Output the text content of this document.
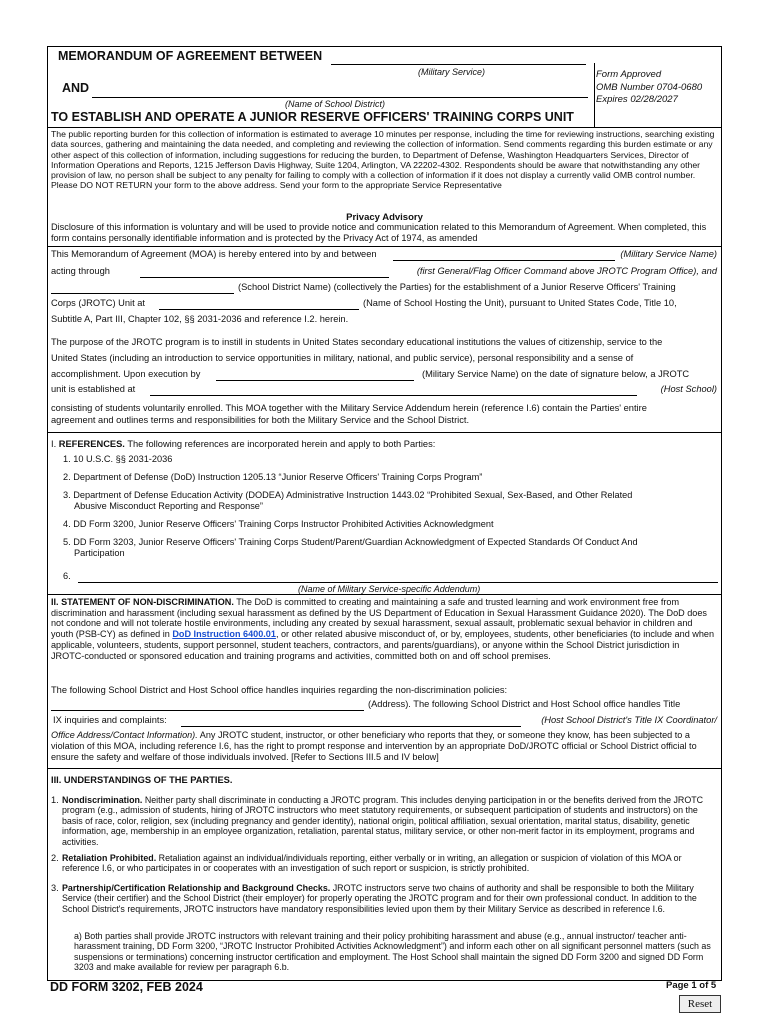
MEMORANDUM OF AGREEMENT BETWEEN
(Military Service)	Form Approved
OMB Number 0704-0680
Expires 02/28/2027
AND
(Name of School District)
TO ESTABLISH AND OPERATE A JUNIOR RESERVE OFFICERS' TRAINING CORPS UNIT
The public reporting burden for this collection of information is estimated to average 10 minutes per response, including the time for reviewing instructions, searching existing data sources, gathering and maintaining the data needed, and completing and reviewing the collection of information. Send comments regarding this burden estimate or any other aspect of this collection of information, including suggestions for reducing the burden, to Department of Defense, Washington Headquarters Services, Director of Information Operations and Reports, 1215 Jefferson Davis Highway, Suite 1204, Arlington, VA 22202-4302. Respondents should be aware that notwithstanding any other provision of law, no person shall be subject to any penalty for failing to comply with a collection of information if it does not display a currently valid OMB control number. Please DO NOT RETURN your form to the above address. Send your form to the appropriate Service Representative
Privacy Advisory
Disclosure of this information is voluntary and will be used to provide notice and communication related to this Memorandum of Agreement. When completed, this form contains personally identifiable information and is protected by the Privacy Act of 1974, as amended
This Memorandum of Agreement (MOA) is hereby entered into by and between	(Military Service Name)
acting through	(first General/Flag Officer Command above JROTC Program Office), and
(School District Name) (collectively the Parties) for the establishment of a Junior Reserve Officers' Training
Corps (JROTC) Unit at	(Name of School Hosting the Unit), pursuant to United States Code, Title 10,
Subtitle A, Part III, Chapter 102, §§ 2031-2036 and reference I.2. herein.
The purpose of the JROTC program is to instill in students in United States secondary educational institutions the values of citizenship, service to the
United States (including an introduction to service opportunities in military, national, and public service), personal responsibility and a sense of
accomplishment. Upon execution by	(Military Service Name) on the date of signature below, a JROTC
unit is established at	(Host School)
consisting of students voluntarily enrolled. This MOA together with the Military Service Addendum herein (reference I.6) contain the Parties' entire
agreement and outlines terms and responsibilities for both the Military Service and the School District.
I. REFERENCES. The following references are incorporated herein and apply to both Parties:
1. 10 U.S.C. §§ 2031-2036
2. Department of Defense (DoD) Instruction 1205.13 “Junior Reserve Officers' Training Corps Program”
3. Department of Defense Education Activity (DODEA) Administrative Instruction 1443.02 “Prohibited Sexual, Sex-Based, and Other Related
Abusive Misconduct Reporting and Response”
4. DD Form 3200, Junior Reserve Officers' Training Corps Instructor Prohibited Activities Acknowledgment
5. DD Form 3203, Junior Reserve Officers' Training Corps Student/Parent/Guardian Acknowledgment of Expected Standards Of Conduct And
Participation
6.
(Name of Military Service-specific Addendum)
II. STATEMENT OF NON-DISCRIMINATION. The DoD is committed to creating and maintaining a safe and trusted learning and work environment free from discrimination and harassment (including sexual harassment as defined by the US Department of Education in Sexual Harassment Guidance 2020). The DoD does not condone and will not tolerate hostile environments, including any created by sexual harassment, sexual assault, problematic sexual behavior in children and youth (PSB-CY) as defined in DoD Instruction 6400.01, or other related abusive misconduct of, or by, employees, students, other beneficiaries (to include and when applicable, volunteers, students, support personnel, student teachers, contractors, and parents/guardians), or anyone within the School District jurisdiction in JROTC-conducted or sponsored education and training programs and activities, committed both on and off school premises.
The following School District and Host School office handles inquiries regarding the non-discrimination policies:
(Address). The following School District and Host School office handles Title
IX inquiries and complaints:	(Host School District's Title IX Coordinator/
Office Address/Contact Information). Any JROTC student, instructor, or other beneficiary who reports that they, or someone they know, has been subjected to a violation of this MOA, including reference I.6, has the right to prompt response and intervention by an appropriate DoD/JROTC official or School District official to ensure the safety and welfare of those individuals involved. [Refer to Sections III.5 and IV below]
III. UNDERSTANDINGS OF THE PARTIES.
1. Nondiscrimination. Neither party shall discriminate in conducting a JROTC program. This includes denying participation in or the benefits derived from the JROTC program (e.g., admission of students, hiring of JROTC instructors who meet statutory requirements, or subsequent participation of students and instructors) on the basis of race, color, religion, sex (including pregnancy and gender identity), national origin, political affiliation, sexual orientation, marital status, disability, genetic information, age, membership in an employee organization, retaliation, parental status, military service, or other non-merit factor in its employment, programs and activities.
2. Retaliation Prohibited. Retaliation against an individual/individuals reporting, either verbally or in writing, an allegation or suspicion of violation of this MOA or reference I.6, or who participates in or cooperates with an investigation of such report or suspicion, is strictly prohibited.
3. Partnership/Certification Relationship and Background Checks. JROTC instructors serve two chains of authority and shall be responsible to both the Military Service (their certifier) and the School District (their employer) for properly operating the JROTC program and for their own professional conduct. In addition to the School District's requirements, JROTC instructors have mandatory responsibilities levied upon them by their Military Service as described in reference I.6.
a) Both parties shall provide JROTC instructors with relevant training and their policy prohibiting harassment and abuse (e.g., annual instructor/ teacher anti-harassment training, DD Form 3200, “JROTC Instructor Prohibited Activities Acknowledgment”) and inform each other on all significant personnel matters (such as suspensions or terminations) concerning instructor certification and employment. The Host School shall maintain the signed DD Form 3200 and signed DD Form 3203 and make available for review per paragraph 6.b.
DD FORM 3202, FEB 2024	Page 1 of 5
Reset
